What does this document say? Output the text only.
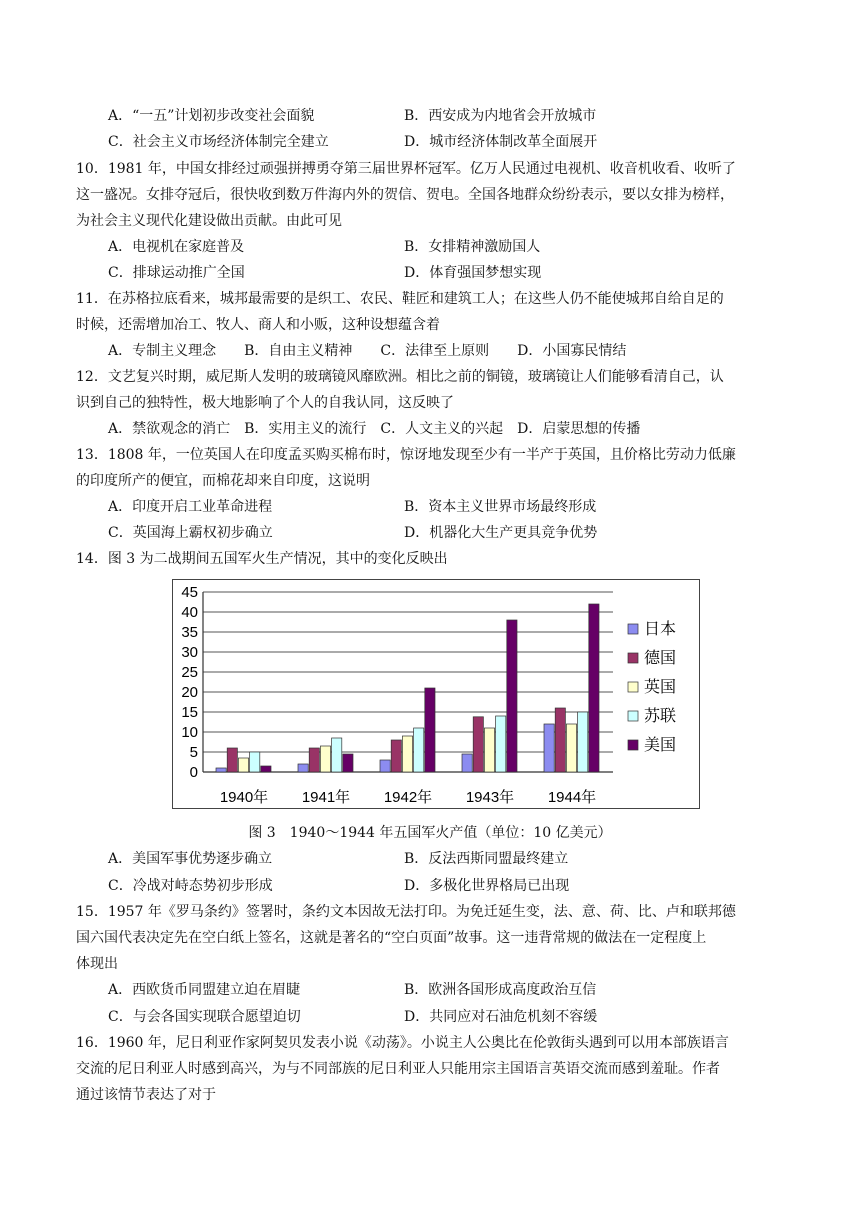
A．“一五”计划初步改变社会面貌	B．西安成为内地省会开放城市
C．社会主义市场经济体制完全建立	D．城市经济体制改革全面展开
10．1981 年，中国女排经过顽强拼搏勇夺第三届世界杯冠军。亿万人民通过电视机、收音机收看、收听了
这一盛况。女排夺冠后，很快收到数万件海内外的贺信、贺电。全国各地群众纷纷表示，要以女排为榜样，
为社会主义现代化建设做出贡献。由此可见
A．电视机在家庭普及	B．女排精神激励国人
C．排球运动推广全国	D．体育强国梦想实现
11．在苏格拉底看来，城邦最需要的是织工、农民、鞋匠和建筑工人；在这些人仍不能使城邦自给自足的
时候，还需增加冶工、牧人、商人和小贩，这种设想蕴含着
A．专制主义理念　　B．自由主义精神　　C．法律至上原则　　D．小国寡民情结
12．文艺复兴时期，威尼斯人发明的玻璃镜风靡欧洲。相比之前的铜镜，玻璃镜让人们能够看清自己，认
识到自己的独特性，极大地影响了个人的自我认同，这反映了
A．禁欲观念的消亡　B．实用主义的流行　C．人文主义的兴起　D．启蒙思想的传播
13．1808 年，一位英国人在印度孟买购买棉布时，惊讶地发现至少有一半产于英国，且价格比劳动力低廉
的印度所产的便宜，而棉花却来自印度，这说明
A．印度开启工业革命进程	B．资本主义世界市场最终形成
C．英国海上霸权初步确立	D．机器化大生产更具竞争优势
14．图 3 为二战期间五国军火生产情况，其中的变化反映出
0
5
10
15
20
25
30
35
40
45
1940年 1941年 1942年 1943年 1944年
日本
德国
英国
苏联
美国
图 3　1940～1944 年五国军火产值（单位：10 亿美元）
A．美国军事优势逐步确立	B．反法西斯同盟最终建立
C．冷战对峙态势初步形成	D．多极化世界格局已出现
15．1957 年《罗马条约》签署时，条约文本因故无法打印。为免迁延生变，法、意、荷、比、卢和联邦德
国六国代表决定先在空白纸上签名，这就是著名的“空白页面”故事。这一违背常规的做法在一定程度上
体现出
A．西欧货币同盟建立迫在眉睫	B．欧洲各国形成高度政治互信
C．与会各国实现联合愿望迫切	D．共同应对石油危机刻不容缓
16．1960 年，尼日利亚作家阿契贝发表小说《动荡》。小说主人公奥比在伦敦街头遇到可以用本部族语言
交流的尼日利亚人时感到高兴，为与不同部族的尼日利亚人只能用宗主国语言英语交流而感到羞耻。作者
通过该情节表达了对于
